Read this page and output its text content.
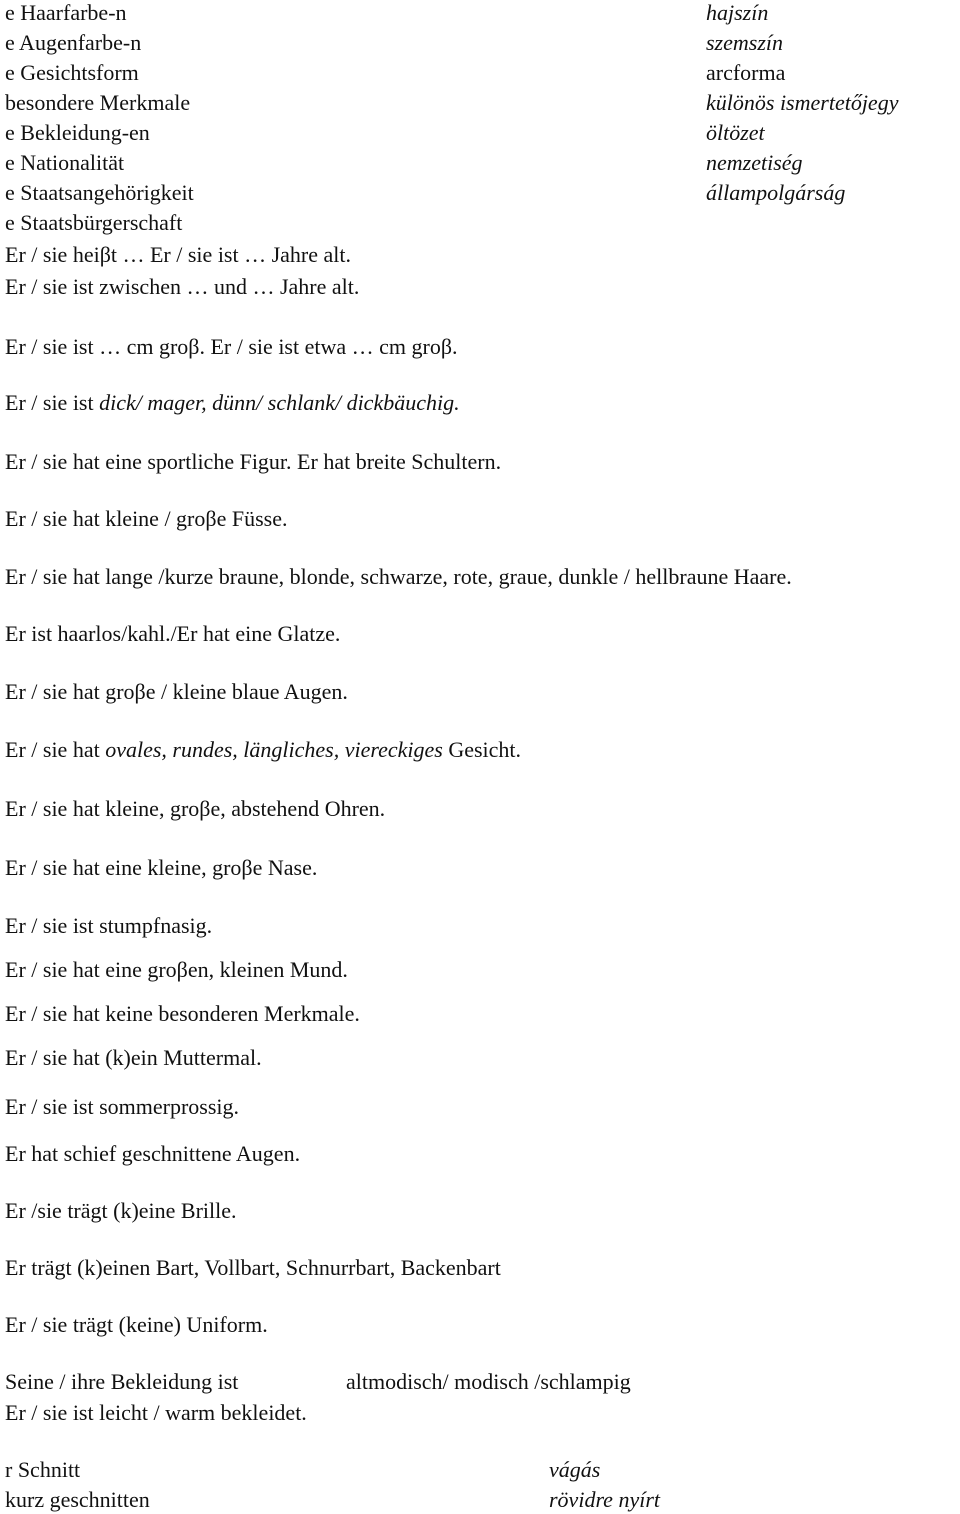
e Haarfarbe-n	hajszín
e Augenfarbe-n	szemszín
e Gesichtsform	arcforma
besondere Merkmale	különös ismertetőjegy
e Bekleidung-en	öltözet
e Nationalität	nemzetiség
e Staatsangehörigkeit	állampolgárság
e Staatsbürgerschaft
Er / sie heiβt … Er / sie ist … Jahre alt.
Er / sie ist zwischen … und … Jahre alt.
Er / sie ist … cm groβ. Er / sie ist etwa … cm groβ.
Er / sie ist dick/ mager, dünn/ schlank/ dickbäuchig.
Er / sie hat eine sportliche Figur. Er hat breite Schultern.
Er / sie hat kleine / groβe Füsse.
Er / sie hat lange /kurze braune, blonde, schwarze, rote, graue, dunkle / hellbraune Haare.
Er ist haarlos/kahl./Er hat eine Glatze.
Er / sie hat groβe / kleine blaue Augen.
Er / sie hat ovales, rundes, längliches, viereckiges Gesicht.
Er / sie hat kleine, groβe, abstehend Ohren.
Er / sie hat eine kleine, groβe Nase.
Er / sie ist stumpfnasig.
Er / sie hat eine groβen, kleinen Mund.
Er / sie hat keine besonderen Merkmale.
Er / sie hat (k)ein Muttermal.
Er / sie ist sommerprossig.
Er hat schief geschnittene Augen.
Er /sie trägt (k)eine Brille.
Er trägt (k)einen Bart, Vollbart, Schnurrbart, Backenbart
Er / sie trägt (keine) Uniform.
Seine / ihre Bekleidung ist	altmodisch/ modisch /schlampig
Er / sie ist leicht / warm bekleidet.
r Schnitt	vágás
kurz geschnitten	rövidre nyírt
